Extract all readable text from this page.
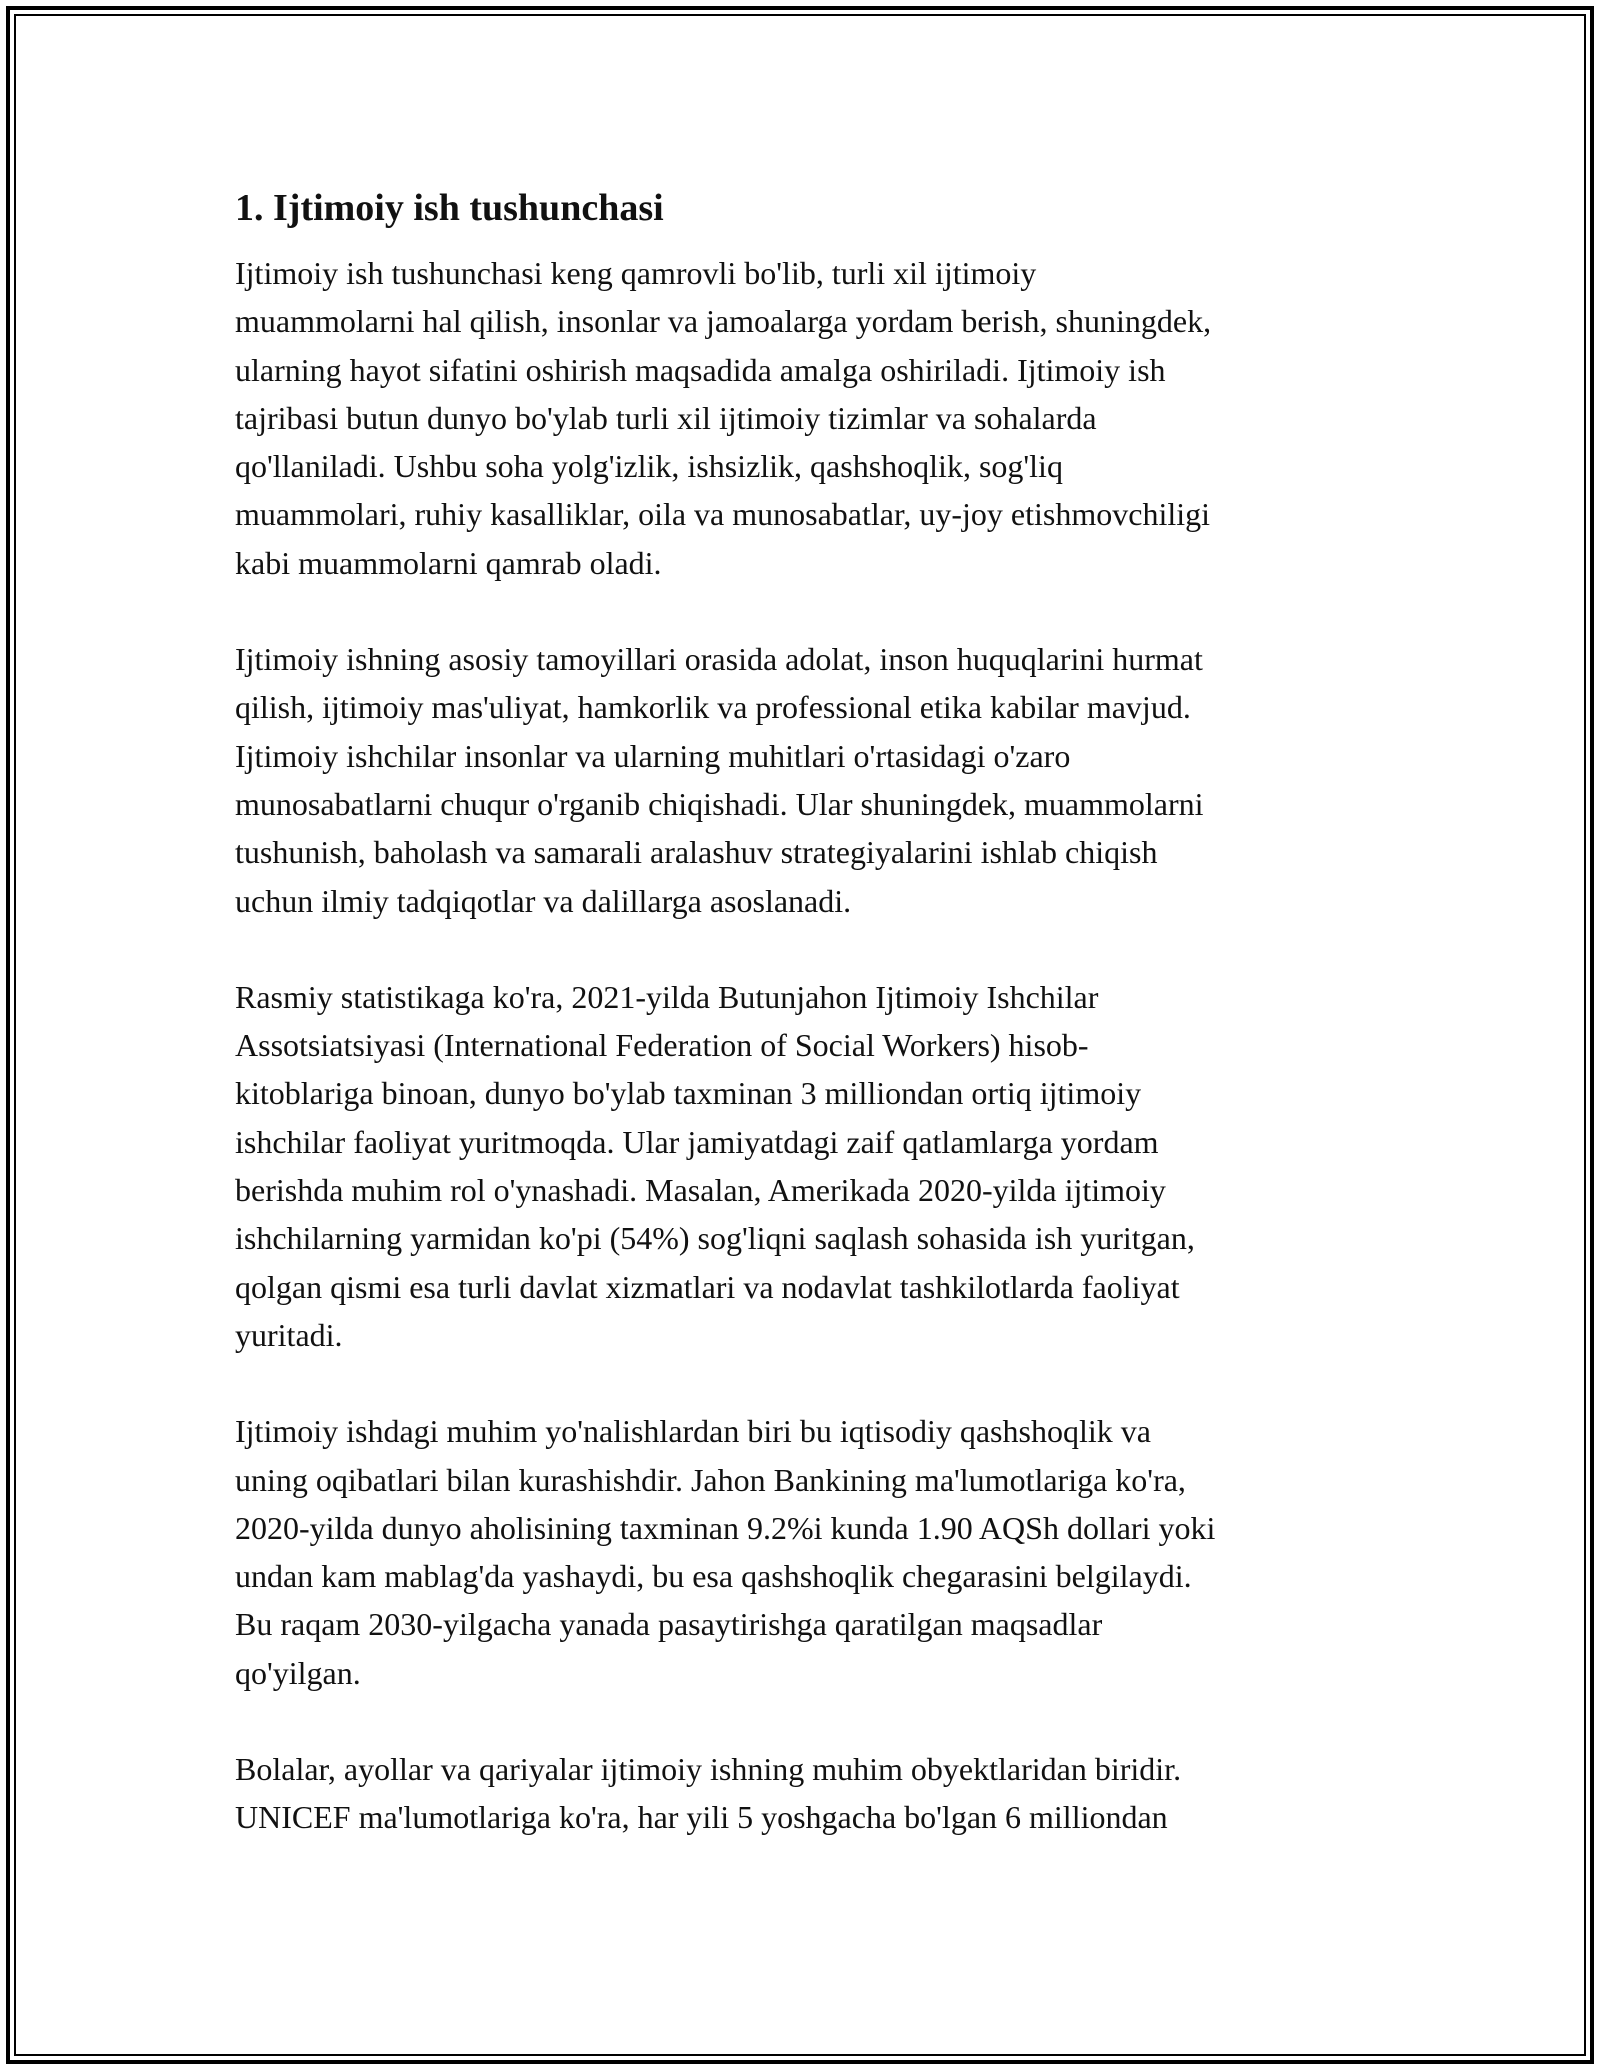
1. Ijtimoiy ish tushunchasi

Ijtimoiy ish tushunchasi keng qamrovli bo'lib, turli xil ijtimoiy
muammolarni hal qilish, insonlar va jamoalarga yordam berish, shuningdek,
ularning hayot sifatini oshirish maqsadida amalga oshiriladi. Ijtimoiy ish
tajribasi butun dunyo bo'ylab turli xil ijtimoiy tizimlar va sohalarda
qo'llaniladi. Ushbu soha yolg'izlik, ishsizlik, qashshoqlik, sog'liq
muammolari, ruhiy kasalliklar, oila va munosabatlar, uy-joy etishmovchiligi
kabi muammolarni qamrab oladi.

Ijtimoiy ishning asosiy tamoyillari orasida adolat, inson huquqlarini hurmat
qilish, ijtimoiy mas'uliyat, hamkorlik va professional etika kabilar mavjud.
Ijtimoiy ishchilar insonlar va ularning muhitlari o'rtasidagi o'zaro
munosabatlarni chuqur o'rganib chiqishadi. Ular shuningdek, muammolarni
tushunish, baholash va samarali aralashuv strategiyalarini ishlab chiqish
uchun ilmiy tadqiqotlar va dalillarga asoslanadi.

Rasmiy statistikaga ko'ra, 2021-yilda Butunjahon Ijtimoiy Ishchilar
Assotsiatsiyasi (International Federation of Social Workers) hisob-
kitoblariga binoan, dunyo bo'ylab taxminan 3 milliondan ortiq ijtimoiy
ishchilar faoliyat yuritmoqda. Ular jamiyatdagi zaif qatlamlarga yordam
berishda muhim rol o'ynashadi. Masalan, Amerikada 2020-yilda ijtimoiy
ishchilarning yarmidan ko'pi (54%) sog'liqni saqlash sohasida ish yuritgan,
qolgan qismi esa turli davlat xizmatlari va nodavlat tashkilotlarda faoliyat
yuritadi.

Ijtimoiy ishdagi muhim yo'nalishlardan biri bu iqtisodiy qashshoqlik va
uning oqibatlari bilan kurashishdir. Jahon Bankining ma'lumotlariga ko'ra,
2020-yilda dunyo aholisining taxminan 9.2%i kunda 1.90 AQSh dollari yoki
undan kam mablag'da yashaydi, bu esa qashshoqlik chegarasini belgilaydi.
Bu raqam 2030-yilgacha yanada pasaytirishga qaratilgan maqsadlar
qo'yilgan.

Bolalar, ayollar va qariyalar ijtimoiy ishning muhim obyektlaridan biridir.
UNICEF ma'lumotlariga ko'ra, har yili 5 yoshgacha bo'lgan 6 milliondan
